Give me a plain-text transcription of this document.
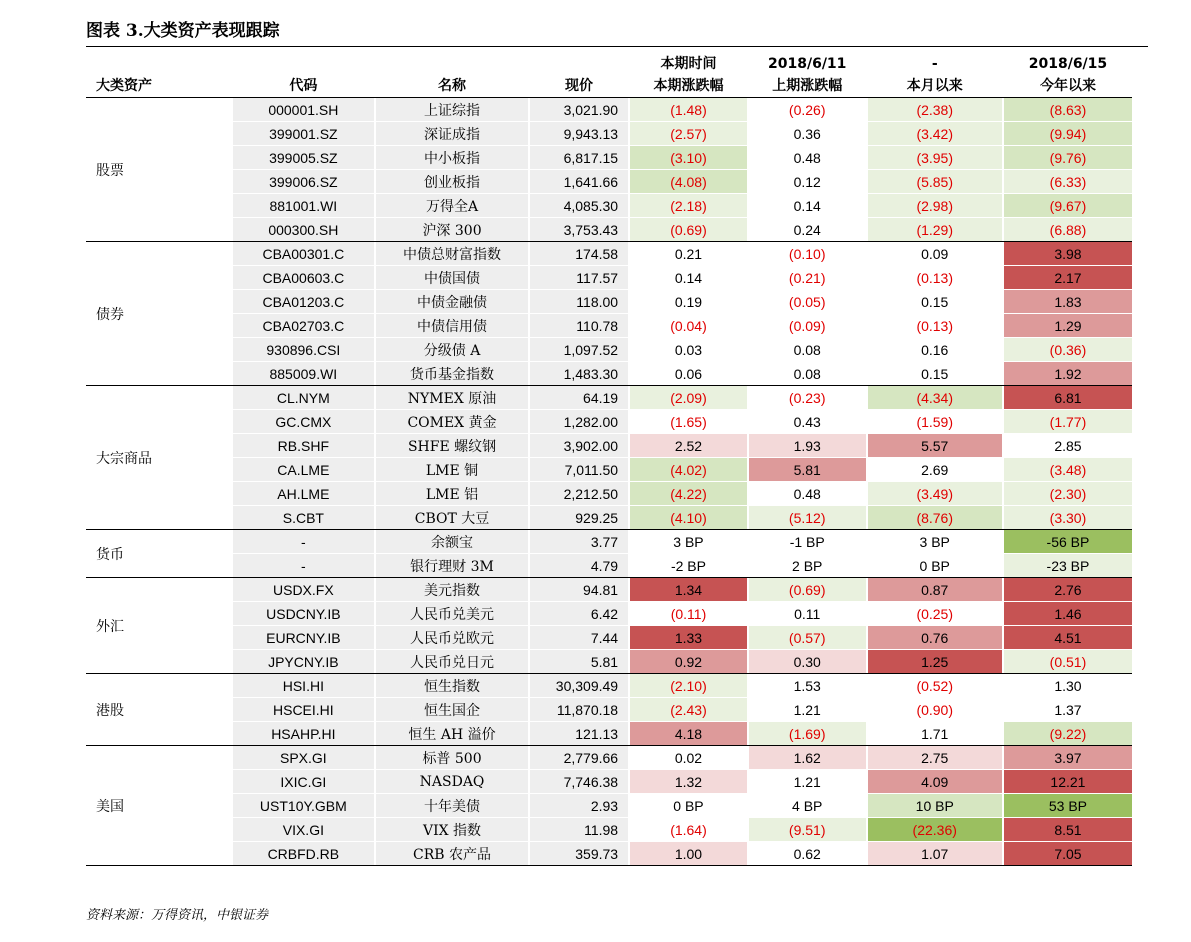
图表 3.大类资产表现跟踪
							本期时间		2018/6/11		-		2018/6/15
大类资产	代码		名称		现价		本期涨跌幅		上期涨跌幅		本月以来		今年以来
股票	000001.SH		上证综指		3,021.90		(1.48)		(0.26)		(2.38)		(8.63)
	399001.SZ		深证成指		9,943.13		(2.57)		0.36		(3.42)		(9.94)
	399005.SZ		中小板指		6,817.15		(3.10)		0.48		(3.95)		(9.76)
	399006.SZ		创业板指		1,641.66		(4.08)		0.12		(5.85)		(6.33)
	881001.WI		万得全A		4,085.30		(2.18)		0.14		(2.98)		(9.67)
	000300.SH		沪深 300		3,753.43		(0.69)		0.24		(1.29)		(6.88)
债券	CBA00301.C		中债总财富指数		174.58		0.21		(0.10)		0.09		3.98
	CBA00603.C		中债国债		117.57		0.14		(0.21)		(0.13)		2.17
	CBA01203.C		中债金融债		118.00		0.19		(0.05)		0.15		1.83
	CBA02703.C		中债信用债		110.78		(0.04)		(0.09)		(0.13)		1.29
	930896.CSI		分级债 A		1,097.52		0.03		0.08		0.16		(0.36)
	885009.WI		货币基金指数		1,483.30		0.06		0.08		0.15		1.92
大宗商品	CL.NYM		NYMEX 原油		64.19		(2.09)		(0.23)		(4.34)		6.81
	GC.CMX		COMEX 黄金		1,282.00		(1.65)		0.43		(1.59)		(1.77)
	RB.SHF		SHFE 螺纹钢		3,902.00		2.52		1.93		5.57		2.85
	CA.LME		LME 铜		7,011.50		(4.02)		5.81		2.69		(3.48)
	AH.LME		LME 铝		2,212.50		(4.22)		0.48		(3.49)		(2.30)
	S.CBT		CBOT 大豆		929.25		(4.10)		(5.12)		(8.76)		(3.30)
货币	-		余额宝		3.77		3 BP		-1 BP		3 BP		-56 BP
	-		银行理财 3M		4.79		-2 BP		2 BP		0 BP		-23 BP
外汇	USDX.FX		美元指数		94.81		1.34		(0.69)		0.87		2.76
	USDCNY.IB		人民币兑美元		6.42		(0.11)		0.11		(0.25)		1.46
	EURCNY.IB		人民币兑欧元		7.44		1.33		(0.57)		0.76		4.51
	JPYCNY.IB		人民币兑日元		5.81		0.92		0.30		1.25		(0.51)
港股	HSI.HI		恒生指数		30,309.49		(2.10)		1.53		(0.52)		1.30
	HSCEI.HI		恒生国企		11,870.18		(2.43)		1.21		(0.90)		1.37
	HSAHP.HI		恒生 AH 溢价		121.13		4.18		(1.69)		1.71		(9.22)
美国	SPX.GI		标普 500		2,779.66		0.02		1.62		2.75		3.97
	IXIC.GI		NASDAQ		7,746.38		1.32		1.21		4.09		12.21
	UST10Y.GBM		十年美债		2.93		0 BP		4 BP		10 BP		53 BP
	VIX.GI		VIX 指数		11.98		(1.64)		(9.51)		(22.36)		8.51
	CRBFD.RB		CRB 农产品		359.73		1.00		0.62		1.07		7.05
资料来源：万得资讯，中银证券
